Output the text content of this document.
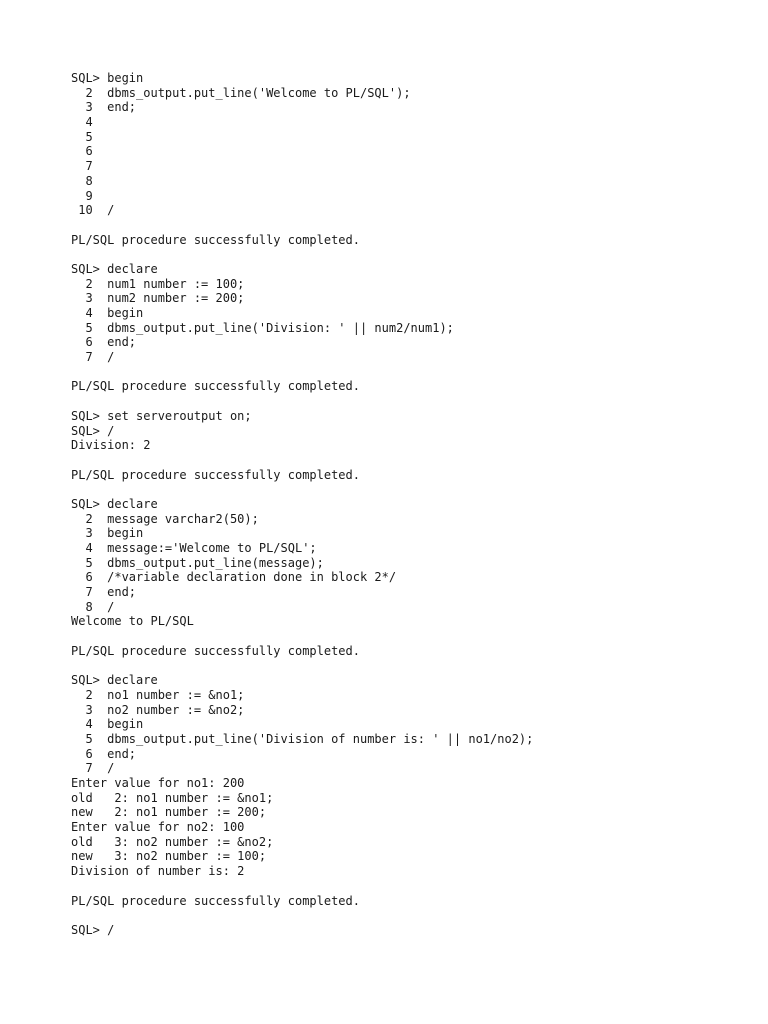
SQL> begin
2  dbms_output.put_line('Welcome to PL/SQL');
3  end;
4
5
6
7
8
9
10  /
PL/SQL procedure successfully completed.
SQL> declare
2  num1 number := 100;
3  num2 number := 200;
4  begin
5  dbms_output.put_line('Division: ' || num2/num1);
6  end;
7  /
PL/SQL procedure successfully completed.
SQL> set serveroutput on;
SQL> /
Division: 2
PL/SQL procedure successfully completed.
SQL> declare
2  message varchar2(50);
3  begin
4  message:='Welcome to PL/SQL';
5  dbms_output.put_line(message);
6  /*variable declaration done in block 2*/
7  end;
8  /
Welcome to PL/SQL
PL/SQL procedure successfully completed.
SQL> declare
2  no1 number := &no1;
3  no2 number := &no2;
4  begin
5  dbms_output.put_line('Division of number is: ' || no1/no2);
6  end;
7  /
Enter value for no1: 200
old   2: no1 number := &no1;
new   2: no1 number := 200;
Enter value for no2: 100
old   3: no2 number := &no2;
new   3: no2 number := 100;
Division of number is: 2
PL/SQL procedure successfully completed.
SQL> /
